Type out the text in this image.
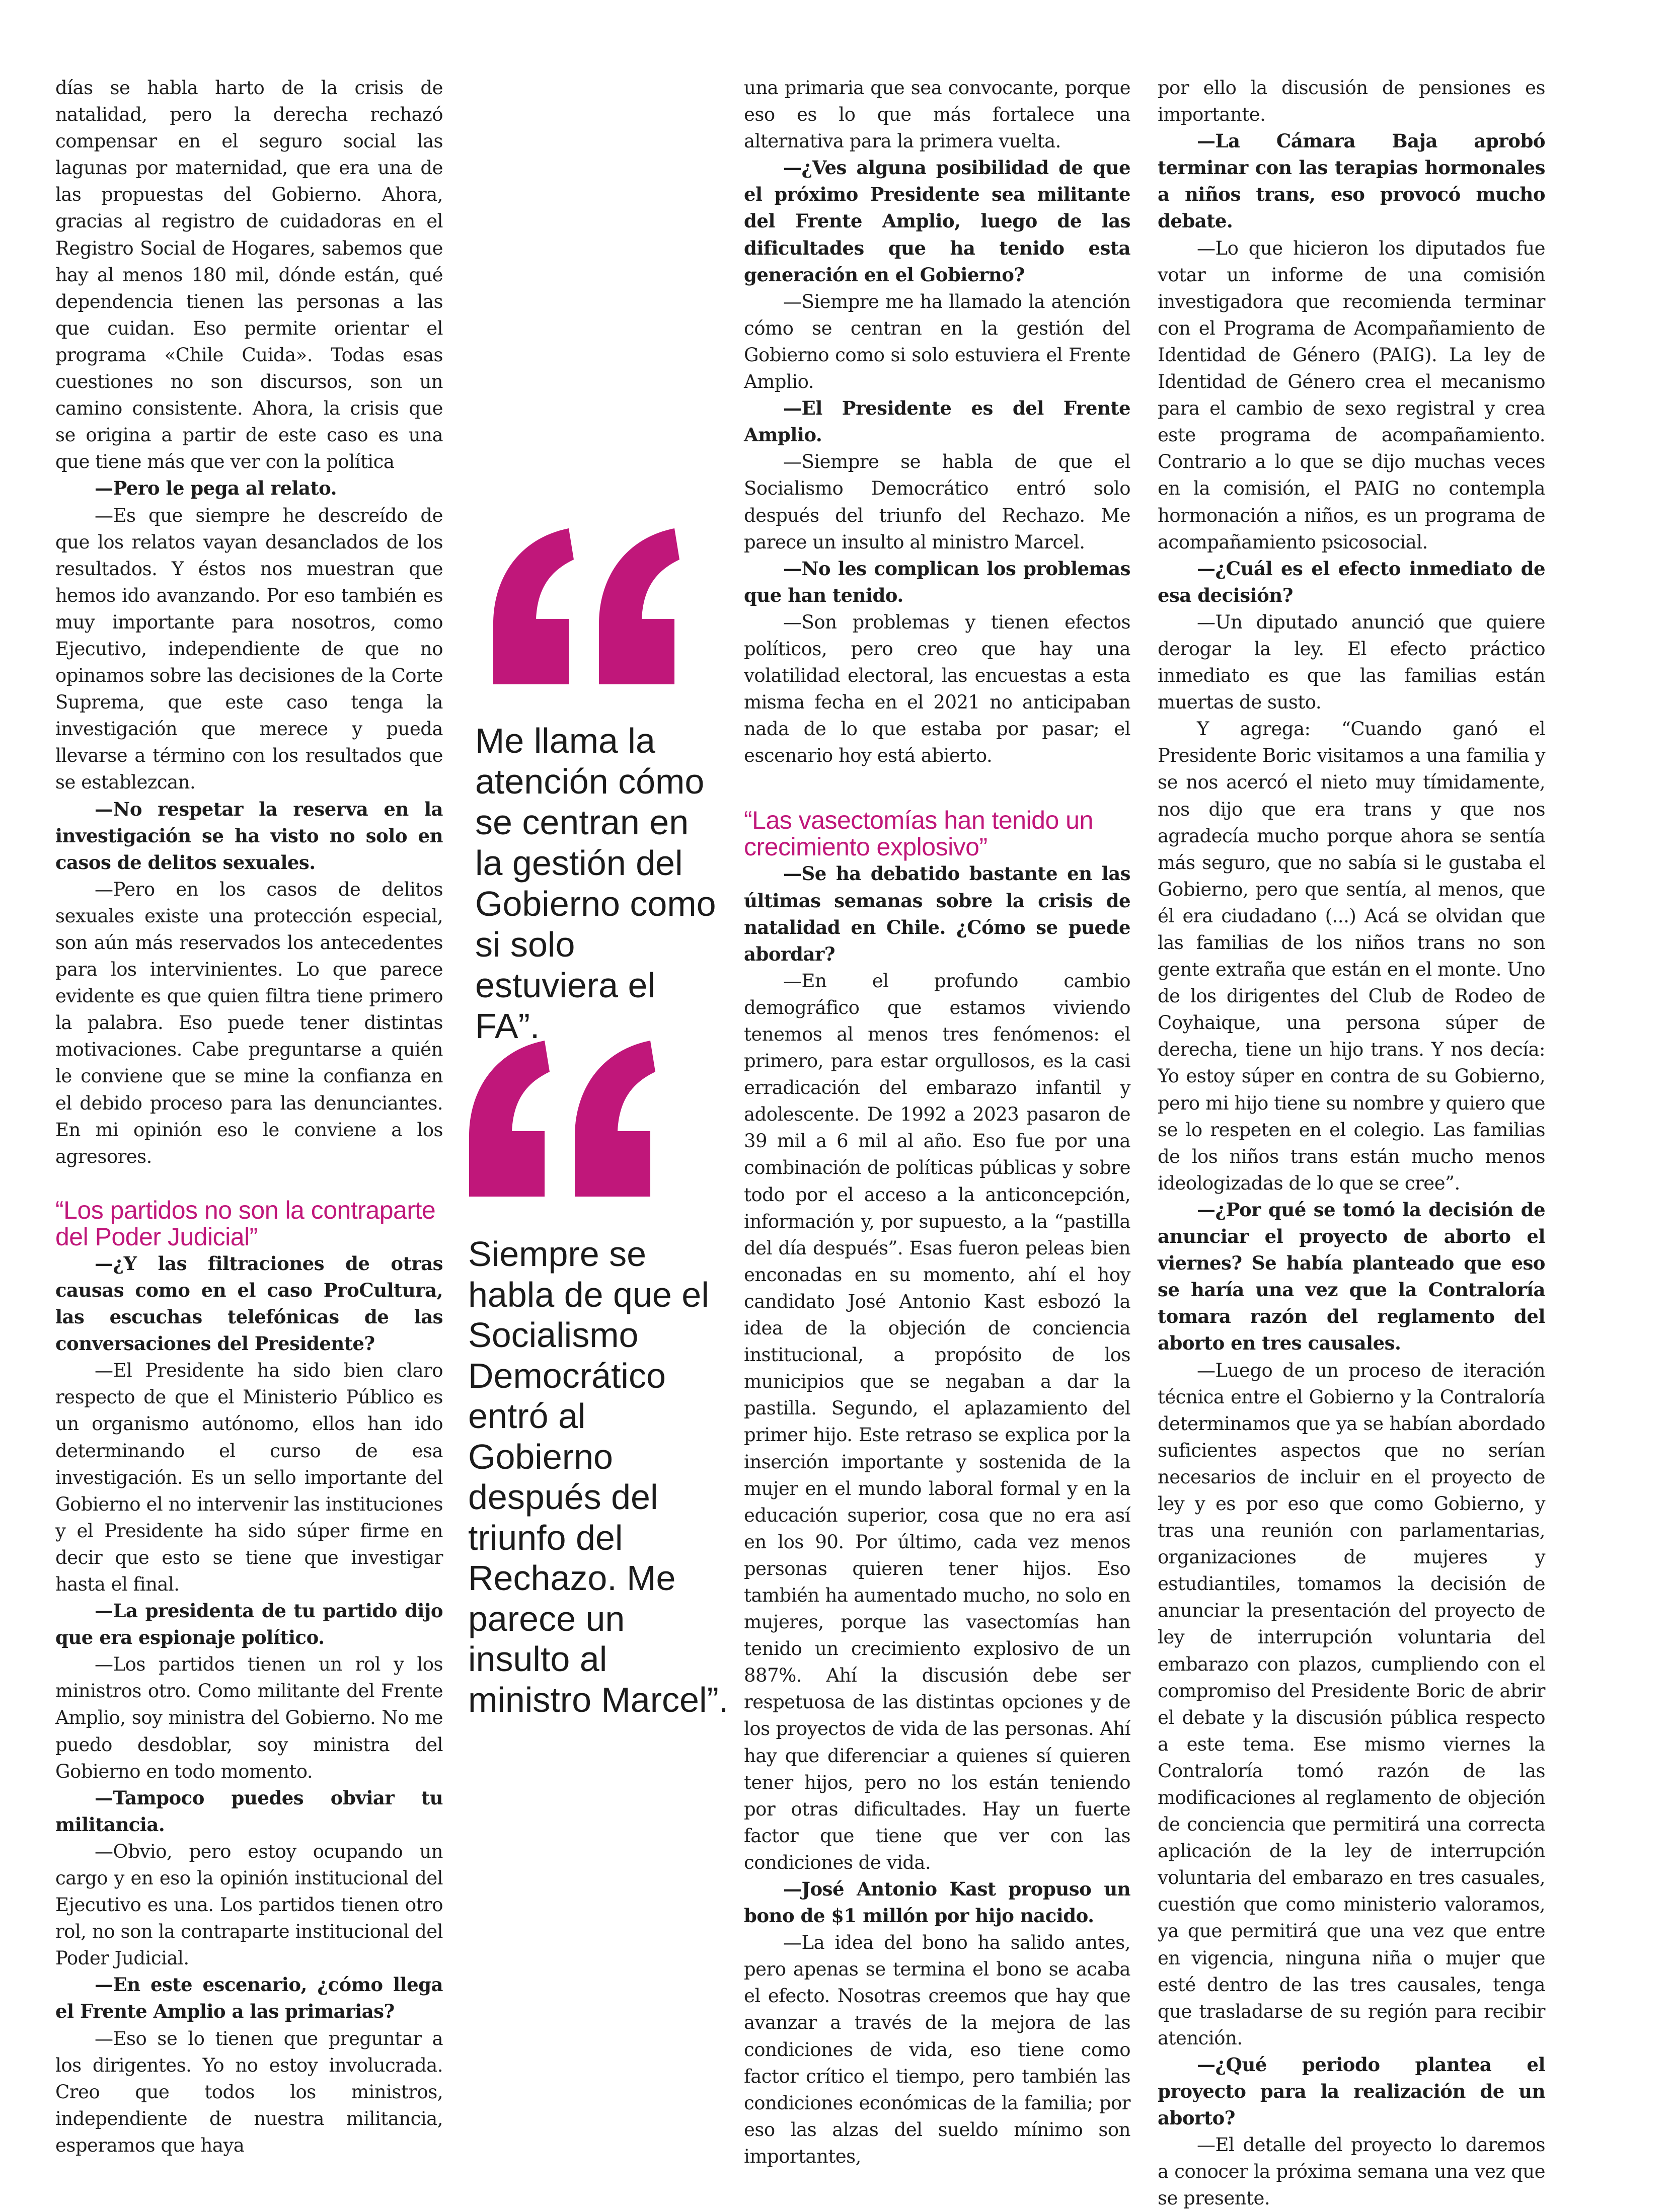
días se habla harto de la crisis de natalidad, pero la derecha rechazó compensar en el seguro social las lagunas por maternidad, que era una de las propuestas del Gobierno. Ahora, gracias al registro de cuidadoras en el Registro Social de Hogares, sabemos que hay al menos 180 mil, dónde están, qué dependencia tienen las personas a las que cuidan. Eso permite orientar el programa «Chile Cuida». Todas esas cuestiones no son discursos, son un camino consistente. Ahora, la crisis que se origina a partir de este caso es una que tiene más que ver con la política

—Pero le pega al relato.

—Es que siempre he descreído de que los relatos vayan desanclados de los resultados. Y éstos nos muestran que hemos ido avanzando. Por eso también es muy importante para nosotros, como Ejecutivo, independiente de que no opinamos sobre las decisiones de la Corte Suprema, que este caso tenga la investigación que merece y pueda llevarse a término con los resultados que se establezcan.

—No respetar la reserva en la investigación se ha visto no solo en casos de delitos sexuales.

—Pero en los casos de delitos sexuales existe una protección especial, son aún más reservados los antecedentes para los intervinientes. Lo que parece evidente es que quien filtra tiene primero la palabra. Eso puede tener distintas motivaciones. Cabe preguntarse a quién le conviene que se mine la confianza en el debido proceso para las denunciantes. En mi opinión eso le conviene a los agresores.

“Los partidos no son la contraparte del Poder Judicial”

—¿Y las filtraciones de otras causas como en el caso ProCultura, las escuchas telefónicas de las conversaciones del Presidente?

—El Presidente ha sido bien claro respecto de que el Ministerio Público es un organismo autónomo, ellos han ido determinando el curso de esa investigación. Es un sello importante del Gobierno el no intervenir las instituciones y el Presidente ha sido súper firme en decir que esto se tiene que investigar hasta el final.

—La presidenta de tu partido dijo que era espionaje político.

—Los partidos tienen un rol y los ministros otro. Como militante del Frente Amplio, soy ministra del Gobierno. No me puedo desdoblar, soy ministra del Gobierno en todo momento.

—Tampoco puedes obviar tu militancia.

—Obvio, pero estoy ocupando un cargo y en eso la opinión institucional del Ejecutivo es una. Los partidos tienen otro rol, no son la contraparte institucional del Poder Judicial.

—En este escenario, ¿cómo llega el Frente Amplio a las primarias?

—Eso se lo tienen que preguntar a los dirigentes. Yo no estoy involucrada. Creo que todos los ministros, independiente de nuestra militancia, esperamos que haya

Me llama la atención cómo se centran en la gestión del Gobierno como si solo estuviera el FA”.
Siempre se habla de que el Socialismo Democrático entró al Gobierno después del triunfo del Rechazo. Me parece un insulto al ministro Marcel”.

una primaria que sea convocante, porque eso es lo que más fortalece una alternativa para la primera vuelta.

—¿Ves alguna posibilidad de que el próximo Presidente sea militante del Frente Amplio, luego de las dificultades que ha tenido esta generación en el Gobierno?

—Siempre me ha llamado la atención cómo se centran en la gestión del Gobierno como si solo estuviera el Frente Amplio.

—El Presidente es del Frente Amplio.

—Siempre se habla de que el Socialismo Democrático entró solo después del triunfo del Rechazo. Me parece un insulto al ministro Marcel.

—No les complican los problemas que han tenido.

—Son problemas y tienen efectos políticos, pero creo que hay una volatilidad electoral, las encuestas a esta misma fecha en el 2021 no anticipaban nada de lo que estaba por pasar; el escenario hoy está abierto.

“Las vasectomías han tenido un crecimiento explosivo”

—Se ha debatido bastante en las últimas semanas sobre la crisis de natalidad en Chile. ¿Cómo se puede abordar?

—En el profundo cambio demográfico que estamos viviendo tenemos al menos tres fenómenos: el primero, para estar orgullosos, es la casi erradicación del embarazo infantil y adolescente. De 1992 a 2023 pasaron de 39 mil a 6 mil al año. Eso fue por una combinación de políticas públicas y sobre todo por el acceso a la anticoncepción, información y, por supuesto, a la “pastilla del día después”. Esas fueron peleas bien enconadas en su momento, ahí el hoy candidato José Antonio Kast esbozó la idea de la objeción de conciencia institucional, a propósito de los municipios que se negaban a dar la pastilla. Segundo, el aplazamiento del primer hijo. Este retraso se explica por la inserción importante y sostenida de la mujer en el mundo laboral formal y en la educación superior, cosa que no era así en los 90. Por último, cada vez menos personas quieren tener hijos. Eso también ha aumentado mucho, no solo en mujeres, porque las vasectomías han tenido un crecimiento explosivo de un 887%. Ahí la discusión debe ser respetuosa de las distintas opciones y de los proyectos de vida de las personas. Ahí hay que diferenciar a quienes sí quieren tener hijos, pero no los están teniendo por otras dificultades. Hay un fuerte factor que tiene que ver con las condiciones de vida.

—José Antonio Kast propuso un bono de $1 millón por hijo nacido.

—La idea del bono ha salido antes, pero apenas se termina el bono se acaba el efecto. Nosotras creemos que hay que avanzar a través de la mejora de las condiciones de vida, eso tiene como factor crítico el tiempo, pero también las condiciones económicas de la familia; por eso las alzas del sueldo mínimo son importantes,

por ello la discusión de pensiones es importante.

—La Cámara Baja aprobó terminar con las terapias hormonales a niños trans, eso provocó mucho debate.

—Lo que hicieron los diputados fue votar un informe de una comisión investigadora que recomienda terminar con el Programa de Acompañamiento de Identidad de Género (PAIG). La ley de Identidad de Género crea el mecanismo para el cambio de sexo registral y crea este programa de acompañamiento. Contrario a lo que se dijo muchas veces en la comisión, el PAIG no contempla hormonación a niños, es un programa de acompañamiento psicosocial.

—¿Cuál es el efecto inmediato de esa decisión?

—Un diputado anunció que quiere derogar la ley. El efecto práctico inmediato es que las familias están muertas de susto.

Y agrega: “Cuando ganó el Presidente Boric visitamos a una familia y se nos acercó el nieto muy tímidamente, nos dijo que era trans y que nos agradecía mucho porque ahora se sentía más seguro, que no sabía si le gustaba el Gobierno, pero que sentía, al menos, que él era ciudadano (...) Acá se olvidan que las familias de los niños trans no son gente extraña que están en el monte. Uno de los dirigentes del Club de Rodeo de Coyhaique, una persona súper de derecha, tiene un hijo trans. Y nos decía: Yo estoy súper en contra de su Gobierno, pero mi hijo tiene su nombre y quiero que se lo respeten en el colegio. Las familias de los niños trans están mucho menos ideologizadas de lo que se cree”.

—¿Por qué se tomó la decisión de anunciar el proyecto de aborto el viernes? Se había planteado que eso se haría una vez que la Contraloría tomara razón del reglamento del aborto en tres causales.

—Luego de un proceso de iteración técnica entre el Gobierno y la Contraloría determinamos que ya se habían abordado suficientes aspectos que no serían necesarios de incluir en el proyecto de ley y es por eso que como Gobierno, y tras una reunión con parlamentarias, organizaciones de mujeres y estudiantiles, tomamos la decisión de anunciar la presentación del proyecto de ley de interrupción voluntaria del embarazo con plazos, cumpliendo con el compromiso del Presidente Boric de abrir el debate y la discusión pública respecto a este tema. Ese mismo viernes la Contraloría tomó razón de las modificaciones al reglamento de objeción de conciencia que permitirá una correcta aplicación de la ley de interrupción voluntaria del embarazo en tres casuales, cuestión que como ministerio valoramos, ya que permitirá que una vez que entre en vigencia, ninguna niña o mujer que esté dentro de las tres causales, tenga que trasladarse de su región para recibir atención.

—¿Qué periodo plantea el proyecto para la realización de un aborto?

—El detalle del proyecto lo daremos a conocer la próxima semana una vez que se presente.
